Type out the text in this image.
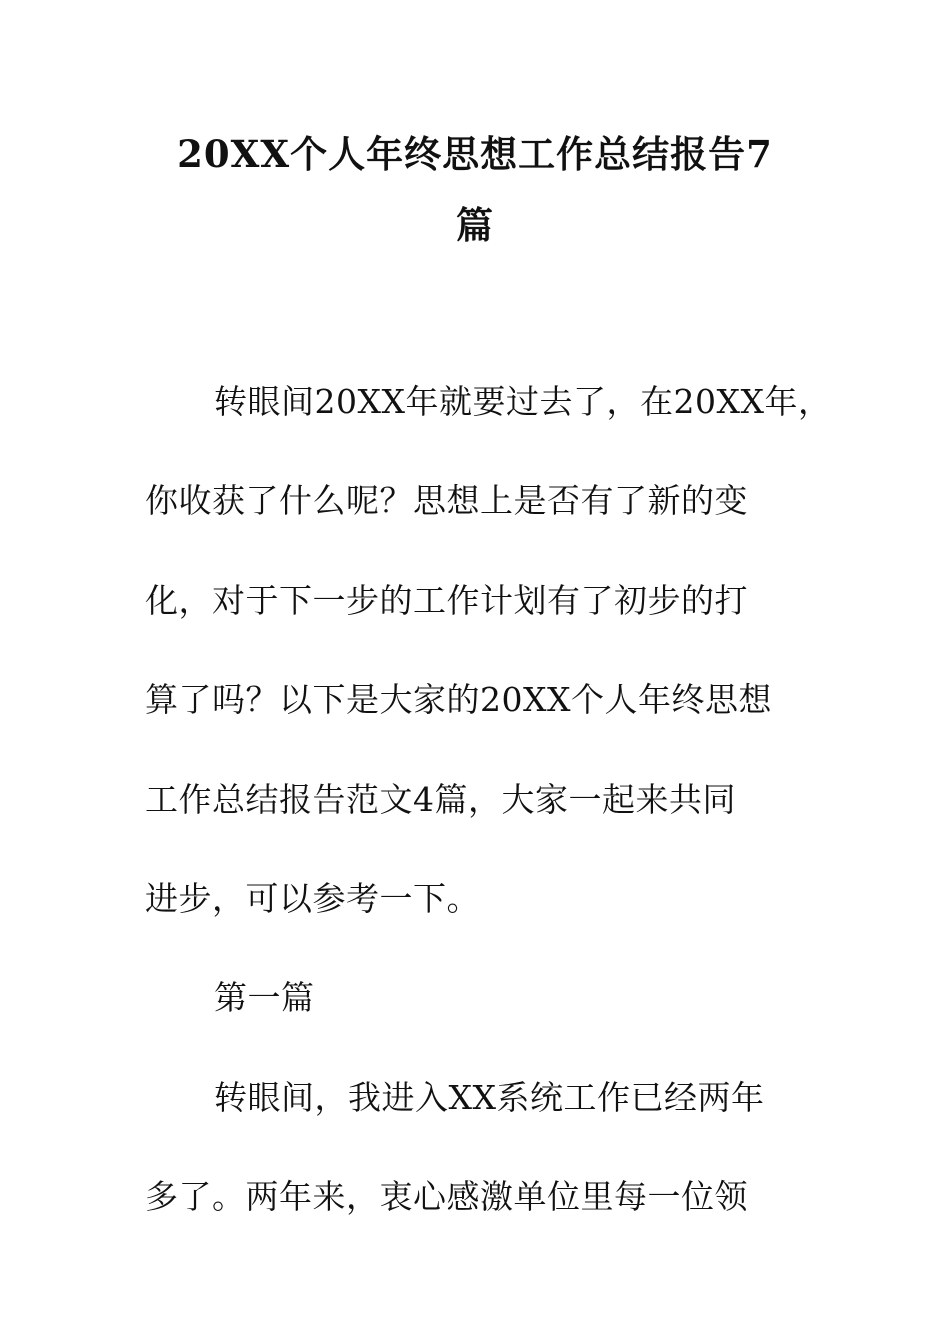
20XX个人年终思想工作总结报告7
篇

转眼间20XX年就要过去了，在20XX年，

你收获了什么呢？思想上是否有了新的变

化，对于下一步的工作计划有了初步的打

算了吗？以下是大家的20XX个人年终思想

工作总结报告范文4篇，大家一起来共同

进步，可以参考一下。

第一篇

转眼间，我进入XX系统工作已经两年

多了。两年来，衷心感激单位里每一位领
